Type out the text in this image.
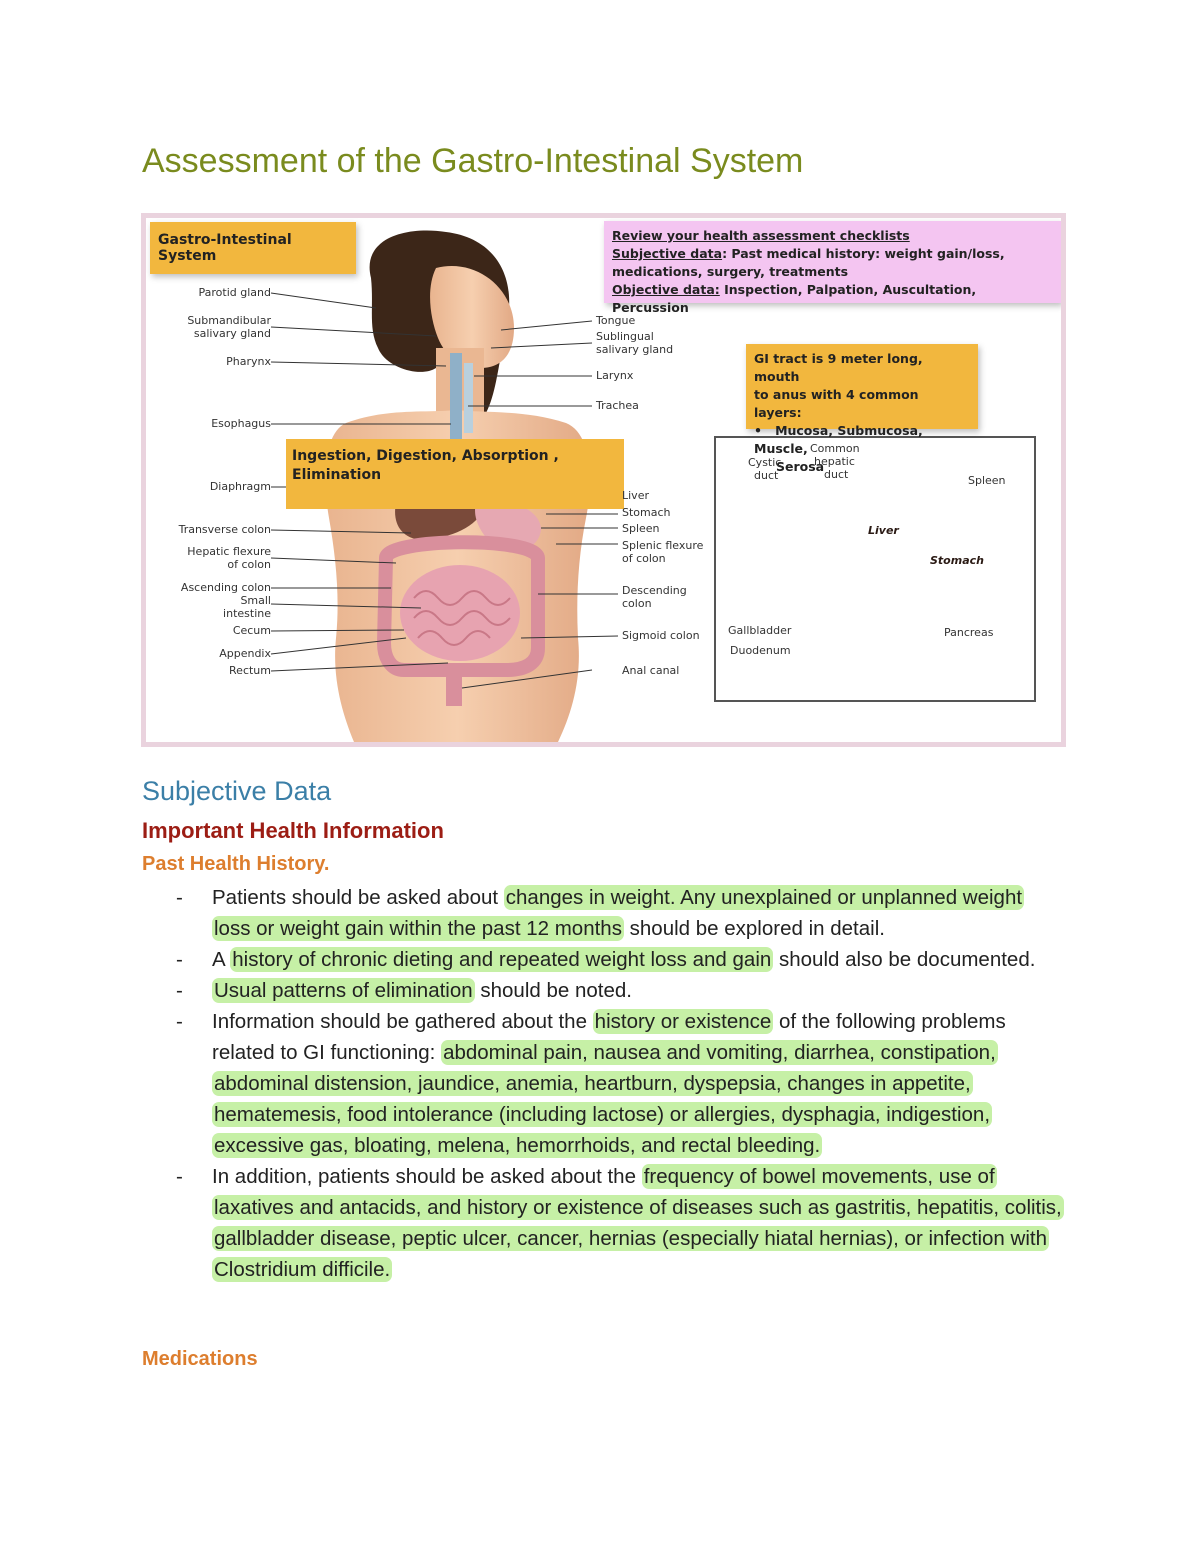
Assessment of the Gastro-Intestinal System
Gastro-Intestinal System
Review your health assessment checklists
Subjective data: Past medical history: weight gain/loss,
medications, surgery, treatments
Objective data: Inspection, Palpation, Auscultation, Percussion
GI tract is 9 meter long, mouth
to anus with 4 common layers:
• Mucosa, Submucosa, Muscle,
Serosa
Ingestion, Digestion, Absorption ,
Elimination
Parotid gland
Submandibular
salivary gland
Pharynx
Esophagus
Diaphragm
Transverse colon
Hepatic flexure
of colon
Ascending colon
Small
intestine
Cecum
Appendix
Rectum
Tongue
Sublingual
salivary gland
Larynx
Trachea
Liver
Stomach
Spleen
Splenic flexure
of colon
Descending
colon
Sigmoid colon
Anal canal
Cystic
duct
Common
hepatic
duct	Spleen
Liver
Stomach
Gallbladder
Duodenum
Pancreas
Subjective Data
Important Health Information
Past Health History.
- Patients should be asked about changes in weight. Any unexplained or unplanned weight loss or weight gain within the past 12 months should be explored in detail.
- A history of chronic dieting and repeated weight loss and gain should also be documented.
- Usual patterns of elimination should be noted.
- Information should be gathered about the history or existence of the following problems related to GI functioning: abdominal pain, nausea and vomiting, diarrhea, constipation, abdominal distension, jaundice, anemia, heartburn, dyspepsia, changes in appetite, hematemesis, food intolerance (including lactose) or allergies, dysphagia, indigestion, excessive gas, bloating, melena, hemorrhoids, and rectal bleeding.
- In addition, patients should be asked about the frequency of bowel movements, use of laxatives and antacids, and history or existence of diseases such as gastritis, hepatitis, colitis, gallbladder disease, peptic ulcer, cancer, hernias (especially hiatal hernias), or infection with Clostridium difficile.
Medications
